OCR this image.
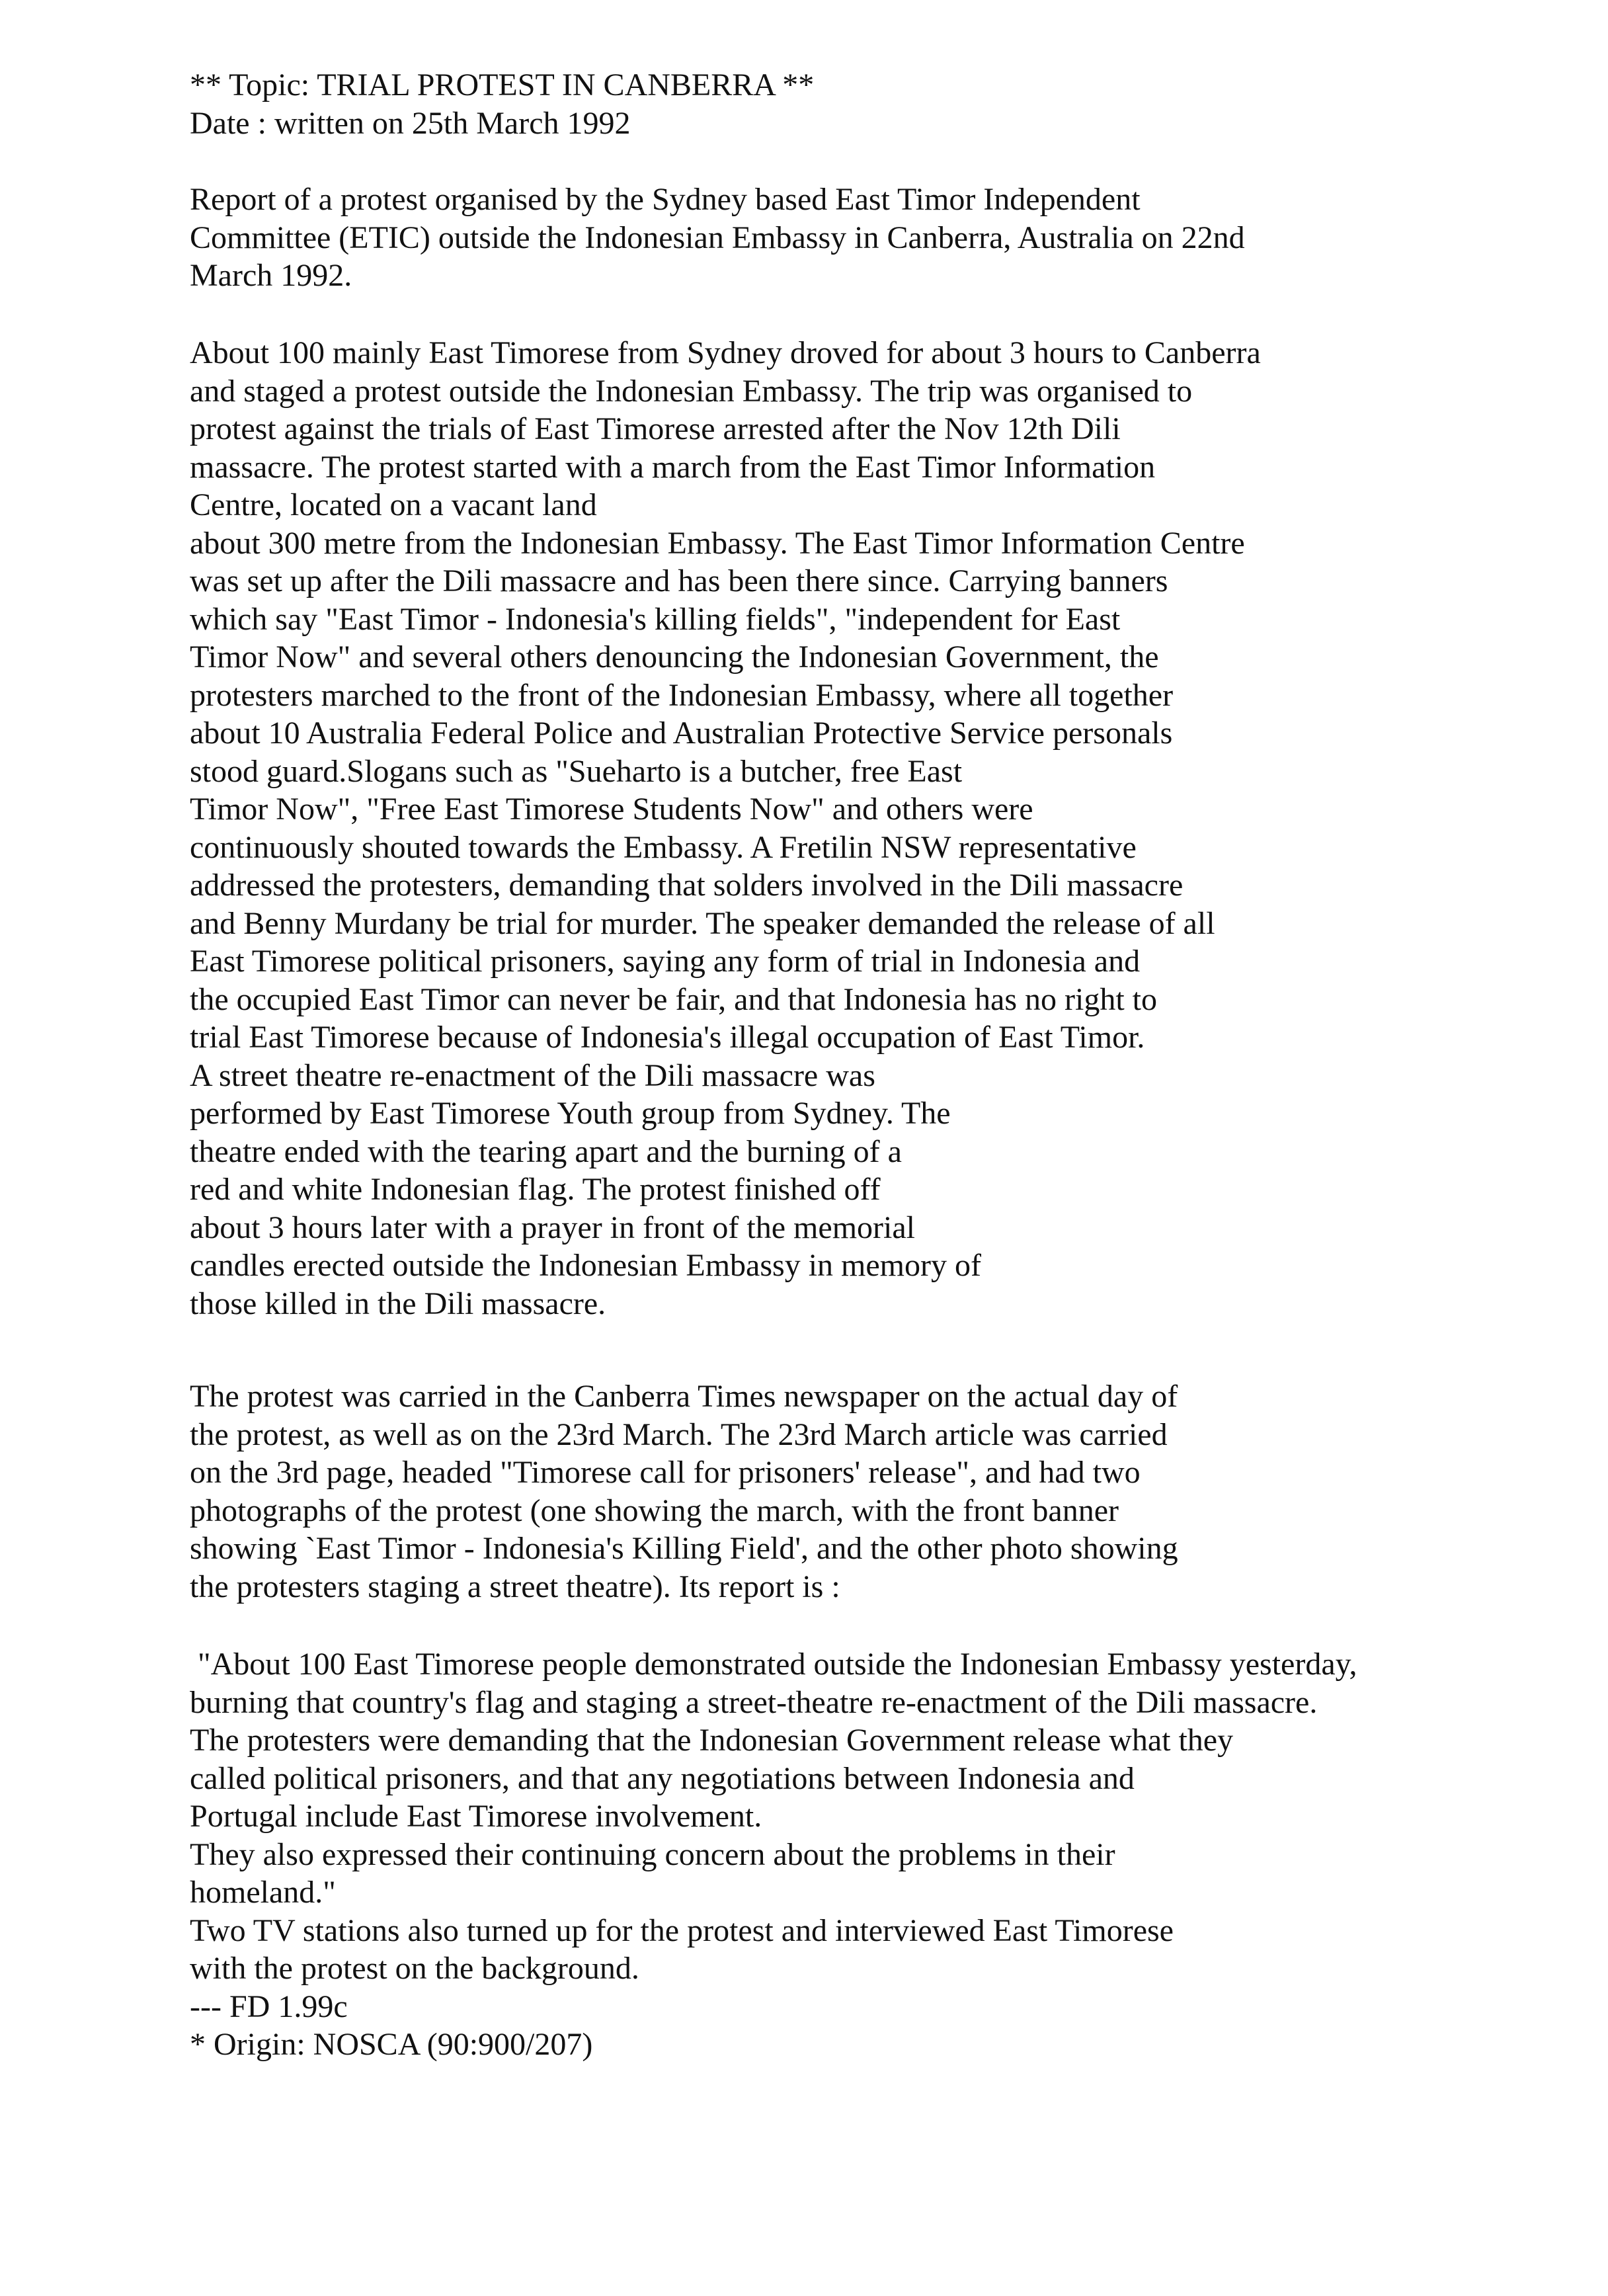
** Topic: TRIAL PROTEST IN CANBERRA **
Date : written on 25th March 1992
Report of a protest organised by the Sydney based East Timor Independent
Committee (ETIC) outside the Indonesian Embassy in Canberra, Australia on 22nd
March 1992.
About 100 mainly East Timorese from Sydney droved for about 3 hours to Canberra
and staged a protest outside the Indonesian Embassy. The trip was organised to
protest against the trials of East Timorese arrested after the Nov 12th Dili
massacre. The protest started with a march from the East Timor Information
Centre, located on a vacant land
about 300 metre from the Indonesian Embassy. The East Timor Information Centre
was set up after the Dili massacre and has been there since. Carrying banners
which say "East Timor - Indonesia's killing fields", "independent for East
Timor Now" and several others denouncing the Indonesian Government, the
protesters marched to the front of the Indonesian Embassy, where all together
about 10 Australia Federal Police and Australian Protective Service personals
stood guard.Slogans such as "Sueharto is a butcher, free East
Timor Now", "Free East Timorese Students Now" and others were
continuously shouted towards the Embassy. A Fretilin NSW representative
addressed the protesters, demanding that solders involved in the Dili massacre
and Benny Murdany be trial for murder. The speaker demanded the release of all
East Timorese political prisoners, saying any form of trial in Indonesia and
the occupied East Timor can never be fair, and that Indonesia has no right to
trial East Timorese because of Indonesia's illegal occupation of East Timor.
A street theatre re-enactment of the Dili massacre was
performed by East Timorese Youth group from Sydney. The
theatre ended with the tearing apart and the burning of a
red and white Indonesian flag. The protest finished off
about 3 hours later with a prayer in front of the memorial
candles erected outside the Indonesian Embassy in memory of
those killed in the Dili massacre.
The protest was carried in the Canberra Times newspaper on the actual day of
the protest, as well as on the 23rd March. The 23rd March article was carried
on the 3rd page, headed "Timorese call for prisoners' release", and had two
photographs of the protest (one showing the march, with the front banner
showing `East Timor - Indonesia's Killing Field', and the other photo showing
the protesters staging a street theatre). Its report is :
"About 100 East Timorese people demonstrated outside the Indonesian Embassy yesterday,
burning that country's flag and staging a street-theatre re-enactment of the Dili massacre.
The protesters were demanding that the Indonesian Government release what they
called political prisoners, and that any negotiations between Indonesia and
Portugal include East Timorese involvement.
They also expressed their continuing concern about the problems in their
homeland."
Two TV stations also turned up for the protest and interviewed East Timorese
with the protest on the background.
--- FD 1.99c
* Origin: NOSCA (90:900/207)
